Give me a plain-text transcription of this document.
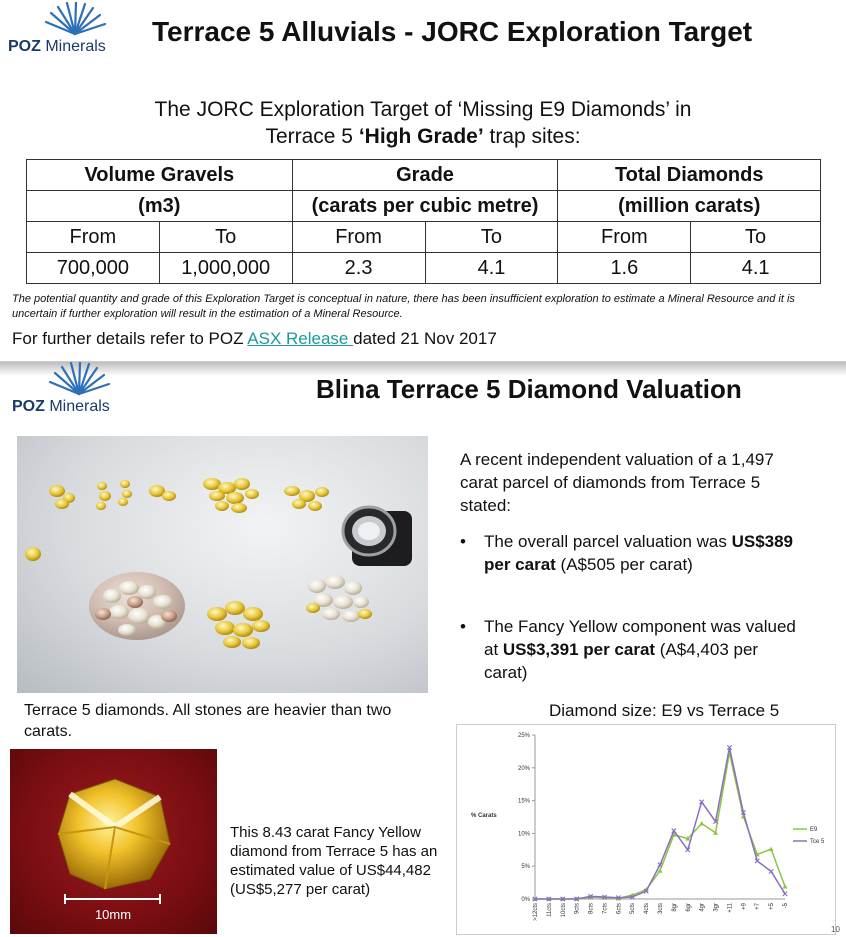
POZ Minerals Terrace 5 Alluvials - JORC Exploration Target
The JORC Exploration Target of ‘Missing E9 Diamonds’ in
Terrace 5 ‘High Grade’ trap sites:
Volume Gravels		Grade		Total Diamonds	
(m3)		(carats per cubic metre)		(million carats)	
From	To	From	To	From	To
700,000	1,000,000	2.3	4.1	1.6	4.1
The potential quantity and grade of this Exploration Target is conceptual in nature, there has been insufficient exploration to estimate a Mineral Resource and it is uncertain if further exploration will result in the estimation of a Mineral Resource.
For further details refer to POZ ASX Release dated 21 Nov 2017
POZ Minerals
Blina Terrace 5 Diamond Valuation
Terrace 5 diamonds. All stones are heavier than two carats.
10mm
This 8.43 carat Fancy Yellow diamond from Terrace 5 has an estimated value of US$44,482 (US$5,277 per carat)
A recent independent valuation of a 1,497 carat parcel of diamonds from Terrace 5 stated:
• The overall parcel valuation was US$389 per carat (A$505 per carat)
• The Fancy Yellow component was valued at US$3,391 per carat (A$4,403 per carat)
Diamond size: E9 vs Terrace 5
0%
5%
10%
15%
20%
25%
% Carats
>12cts 11cts 10cts 9cts 8cts 7cts 6cts 5cts 4cts 3cts 8gr 6gr 4gr 3gr +11 +9 +7 +5 -5
E9
Tce 5
10
